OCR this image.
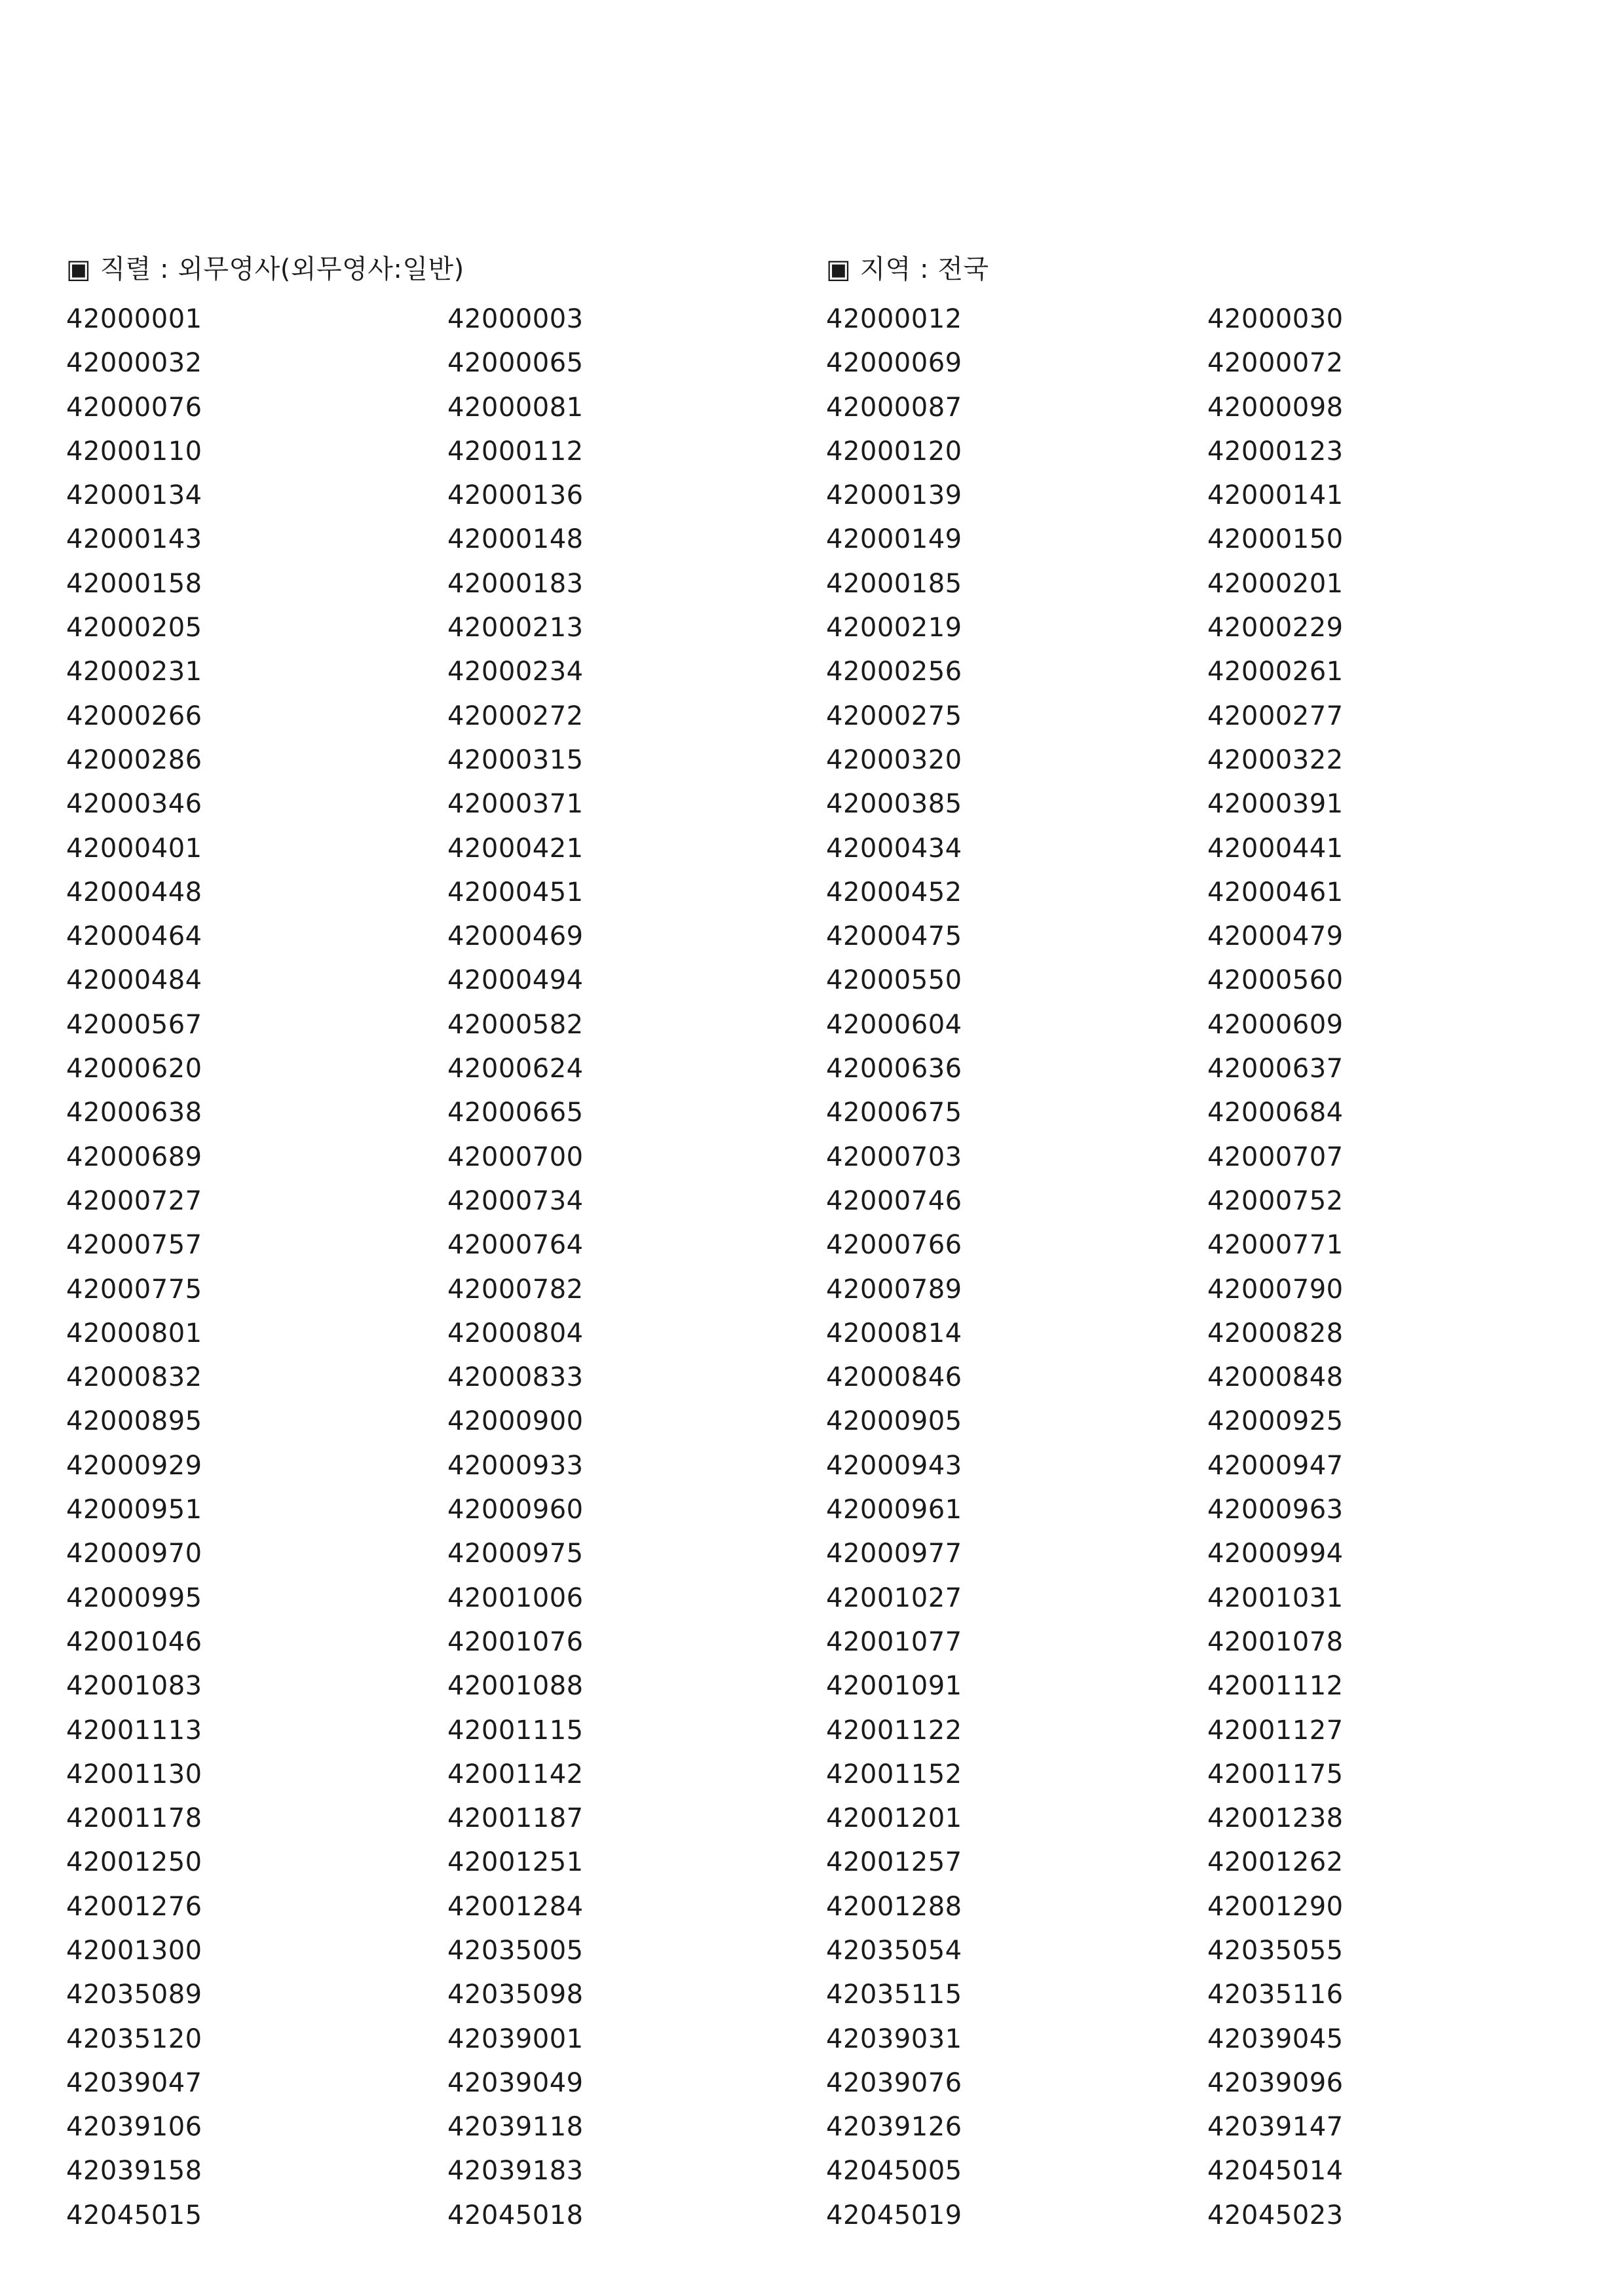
▣ 직렬 : 외무영사(외무영사:일반)	▣ 지역 : 전국
42000001	42000003	42000012	42000030
42000032	42000065	42000069	42000072
42000076	42000081	42000087	42000098
42000110	42000112	42000120	42000123
42000134	42000136	42000139	42000141
42000143	42000148	42000149	42000150
42000158	42000183	42000185	42000201
42000205	42000213	42000219	42000229
42000231	42000234	42000256	42000261
42000266	42000272	42000275	42000277
42000286	42000315	42000320	42000322
42000346	42000371	42000385	42000391
42000401	42000421	42000434	42000441
42000448	42000451	42000452	42000461
42000464	42000469	42000475	42000479
42000484	42000494	42000550	42000560
42000567	42000582	42000604	42000609
42000620	42000624	42000636	42000637
42000638	42000665	42000675	42000684
42000689	42000700	42000703	42000707
42000727	42000734	42000746	42000752
42000757	42000764	42000766	42000771
42000775	42000782	42000789	42000790
42000801	42000804	42000814	42000828
42000832	42000833	42000846	42000848
42000895	42000900	42000905	42000925
42000929	42000933	42000943	42000947
42000951	42000960	42000961	42000963
42000970	42000975	42000977	42000994
42000995	42001006	42001027	42001031
42001046	42001076	42001077	42001078
42001083	42001088	42001091	42001112
42001113	42001115	42001122	42001127
42001130	42001142	42001152	42001175
42001178	42001187	42001201	42001238
42001250	42001251	42001257	42001262
42001276	42001284	42001288	42001290
42001300	42035005	42035054	42035055
42035089	42035098	42035115	42035116
42035120	42039001	42039031	42039045
42039047	42039049	42039076	42039096
42039106	42039118	42039126	42039147
42039158	42039183	42045005	42045014
42045015	42045018	42045019	42045023
